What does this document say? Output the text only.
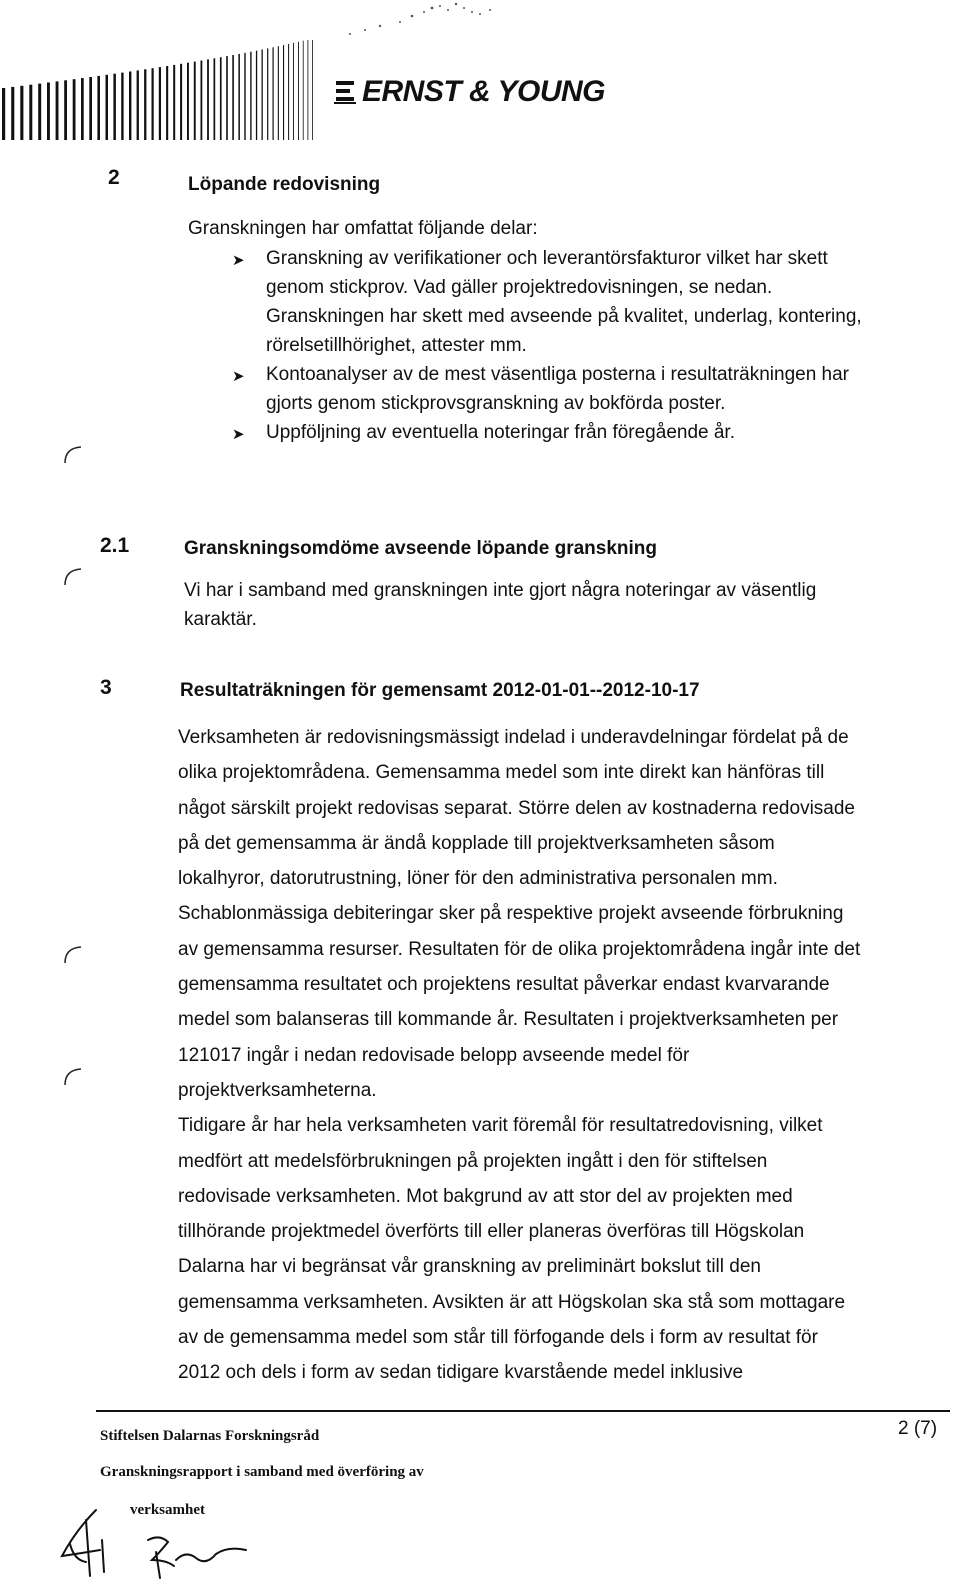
ERNST & YOUNG
2	Löpande redovisning
Granskningen har omfattat följande delar:
➤	Granskning av verifikationer och leverantörsfakturor vilket har skett
genom stickprov. Vad gäller projektredovisningen, se nedan.
Granskningen har skett med avseende på kvalitet, underlag, kontering,
rörelsetillhörighet, attester mm.
➤	Kontoanalyser av de mest väsentliga posterna i resultaträkningen har
gjorts genom stickprovsgranskning av bokförda poster.
➤	Uppföljning av eventuella noteringar från föregående år.
2.1	Granskningsomdöme avseende löpande granskning
Vi har i samband med granskningen inte gjort några noteringar av väsentlig
karaktär.
3	Resultaträkningen för gemensamt 2012-01-01--2012-10-17
Verksamheten är redovisningsmässigt indelad i underavdelningar fördelat på de
olika projektområdena. Gemensamma medel som inte direkt kan hänföras till
något särskilt projekt redovisas separat. Större delen av kostnaderna redovisade
på det gemensamma är ändå kopplade till projektverksamheten såsom
lokalhyror, datorutrustning, löner för den administrativa personalen mm.
Schablonmässiga debiteringar sker på respektive projekt avseende förbrukning
av gemensamma resurser. Resultaten för de olika projektområdena ingår inte det
gemensamma resultatet och projektens resultat påverkar endast kvarvarande
medel som balanseras till kommande år. Resultaten i projektverksamheten per
121017 ingår i nedan redovisade belopp avseende medel för
projektverksamheterna.
Tidigare år har hela verksamheten varit föremål för resultatredovisning, vilket
medfört att medelsförbrukningen på projekten ingått i den för stiftelsen
redovisade verksamheten. Mot bakgrund av att stor del av projekten med
tillhörande projektmedel överförts till eller planeras överföras till Högskolan
Dalarna har vi begränsat vår granskning av preliminärt bokslut till den
gemensamma verksamheten. Avsikten är att Högskolan ska stå som mottagare
av de gemensamma medel som står till förfogande dels i form av resultat för
2012 och dels i form av sedan tidigare kvarstående medel inklusive
Stiftelsen Dalarnas Forskningsråd	2 (7)
Granskningsrapport i samband med överföring av
verksamhet
